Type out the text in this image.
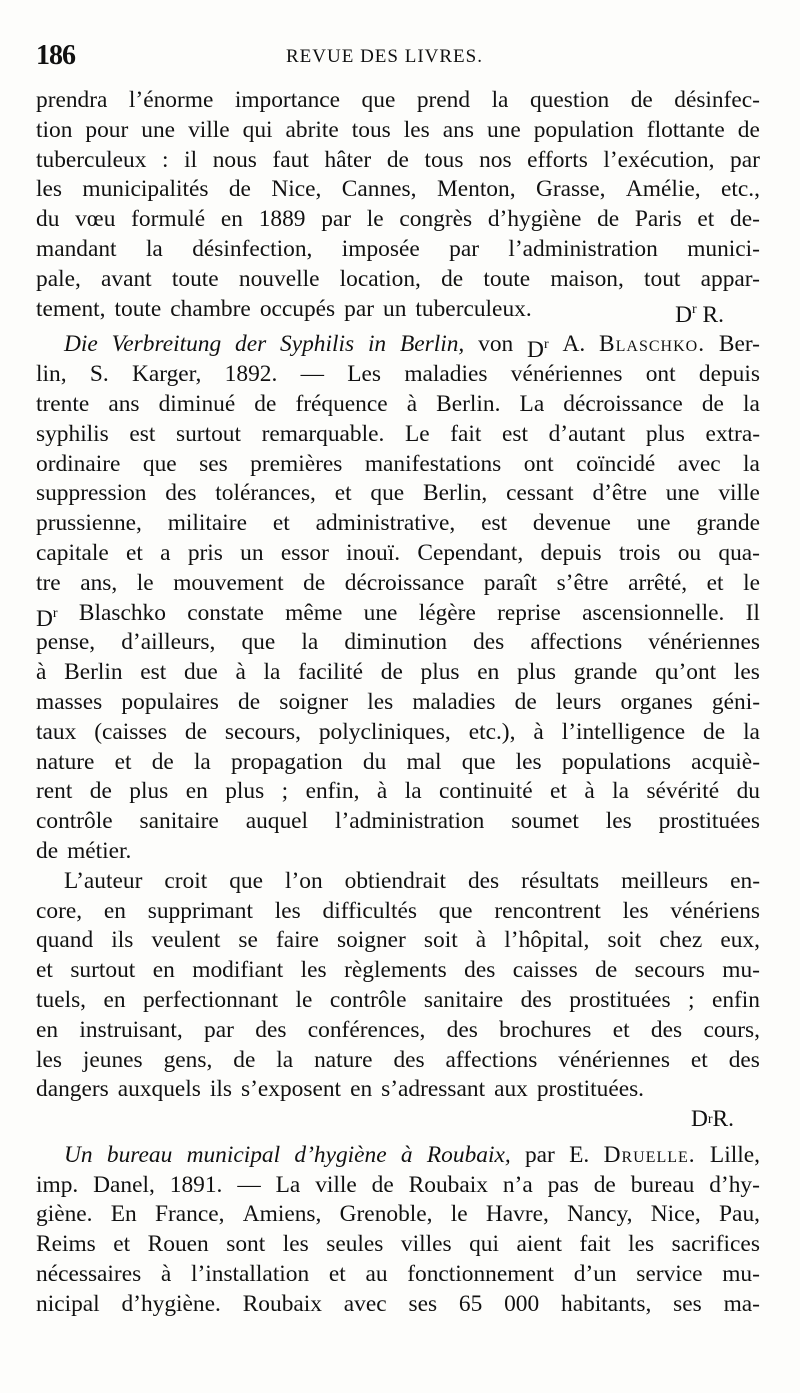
186	REVUE DES LIVRES.
prendra l’énorme importance que prend la question de désinfec-
tion pour une ville qui abrite tous les ans une population flottante de
tuberculeux : il nous faut hâter de tous nos efforts l’exécution, par
les municipalités de Nice, Cannes, Menton, Grasse, Amélie, etc.,
du vœu formulé en 1889 par le congrès d’hygiène de Paris et de-
mandant la désinfection, imposée par l’administration munici-
pale, avant toute nouvelle location, de toute maison, tout appar-
tement, toute chambre occupés par un tuberculeux.	$D^r$ R.
Die Verbreitung der Syphilis in Berlin, von $D^r$ A. Blaschko. Ber-
lin, S. Karger, 1892. — Les maladies vénériennes ont depuis
trente ans diminué de fréquence à Berlin. La décroissance de la
syphilis est surtout remarquable. Le fait est d’autant plus extra-
ordinaire que ses premières manifestations ont coïncidé avec la
suppression des tolérances, et que Berlin, cessant d’être une ville
prussienne, militaire et administrative, est devenue une grande
capitale et a pris un essor inouï. Cependant, depuis trois ou qua-
tre ans, le mouvement de décroissance paraît s’être arrêté, et le
$D^r$ Blaschko constate même une légère reprise ascensionnelle. Il
pense, d’ailleurs, que la diminution des affections vénériennes
à Berlin est due à la facilité de plus en plus grande qu’ont les
masses populaires de soigner les maladies de leurs organes géni-
taux (caisses de secours, polycliniques, etc.), à l’intelligence de la
nature et de la propagation du mal que les populations acquiè-
rent de plus en plus ; enfin, à la continuité et à la sévérité du
contrôle sanitaire auquel l’administration soumet les prostituées
de métier.
L’auteur croit que l’on obtiendrait des résultats meilleurs en-
core, en supprimant les difficultés que rencontrent les vénériens
quand ils veulent se faire soigner soit à l’hôpital, soit chez eux,
et surtout en modifiant les règlements des caisses de secours mu-
tuels, en perfectionnant le contrôle sanitaire des prostituées ; enfin
en instruisant, par des conférences, des brochures et des cours,
les jeunes gens, de la nature des affections vénériennes et des
dangers auxquels ils s’exposent en s’adressant aux prostituées.
D r R.
Un bureau municipal d’hygiène à Roubaix, par E. Druelle. Lille,
imp. Danel, 1891. — La ville de Roubaix n’a pas de bureau d’hy-
giène. En France, Amiens, Grenoble, le Havre, Nancy, Nice, Pau,
Reims et Rouen sont les seules villes qui aient fait les sacrifices
nécessaires à l’installation et au fonctionnement d’un service mu-
nicipal d’hygiène. Roubaix avec ses 65 000 habitants, ses ma-
